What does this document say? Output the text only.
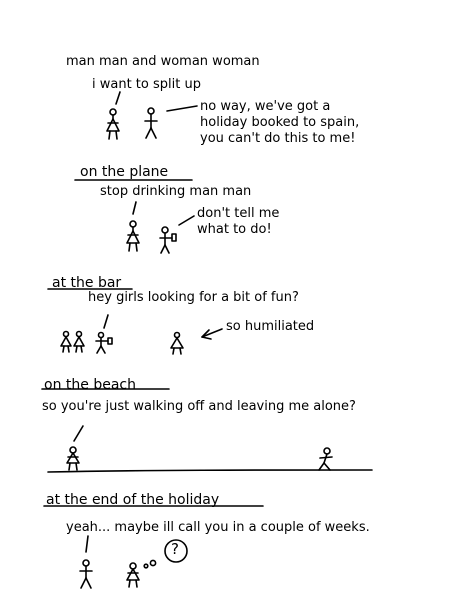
man man and woman woman
i want to split up
no way, we've got a
holiday booked to spain,
you can't do this to me!
on the plane
stop drinking man man
don't tell me
what to do!
at the bar
hey girls looking for a bit of fun?
so humiliated
on the beach
so you're just walking off and leaving me alone?
at the end of the holiday
yeah... maybe ill call you in a couple of weeks.
?
